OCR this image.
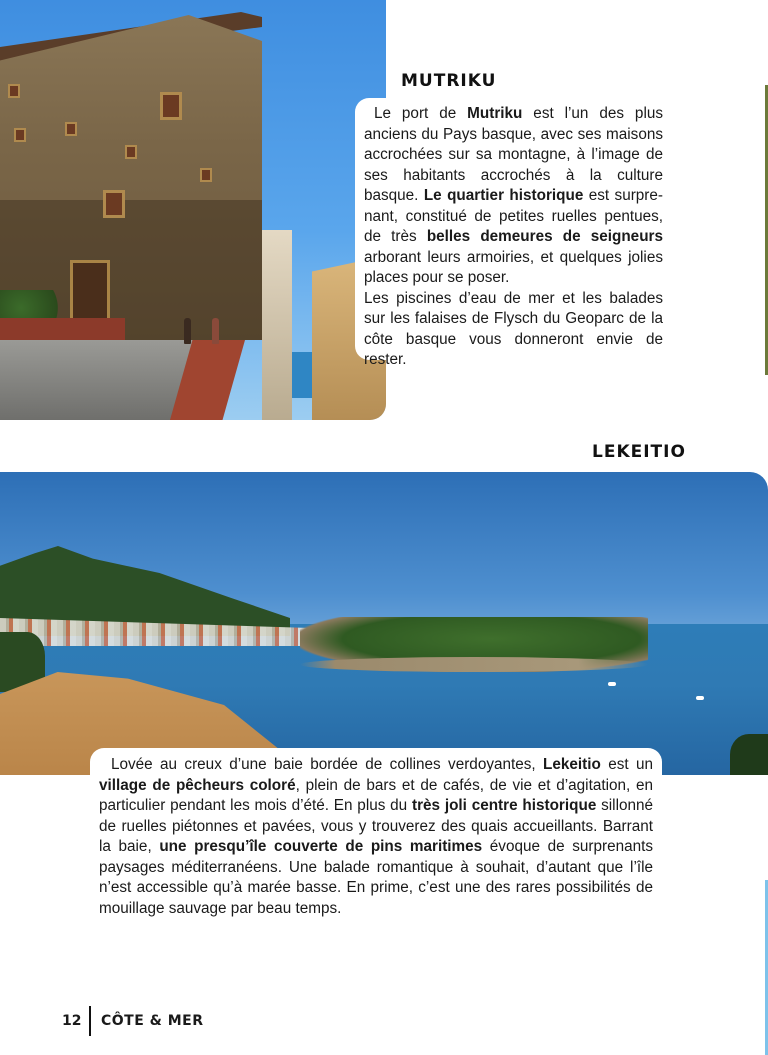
MUTRIKU

Le port de Mutriku est l’un des plus anciens du Pays basque, avec ses maisons accrochées sur sa montagne, à l’image de ses habitants accrochés à la culture basque. Le quartier historique est surpre-nant, constitué de petites ruelles pentues, de très belles demeures de seigneurs arborant leurs armoiries, et quelques jolies places pour se poser.

Les piscines d’eau de mer et les balades sur les falaises de Flysch du Geoparc de la côte basque vous donneront envie de rester.

LEKEITIO
Lovée au creux d’une baie bordée de collines verdoyantes, Lekeitio est un village de pêcheurs coloré, plein de bars et de cafés, de vie et d’agitation, en particulier pendant les mois d’été. En plus du très joli centre historique sillonné de ruelles piétonnes et pavées, vous y trouverez des quais accueillants. Barrant la baie, une presqu’île couverte de pins maritimes évoque de surprenants paysages méditerranéens. Une balade romantique à souhait, d’autant que l’île n’est accessible qu’à marée basse. En prime, c’est une des rares possibilités de mouillage sauvage par beau temps.
12 CÔTE & MER
